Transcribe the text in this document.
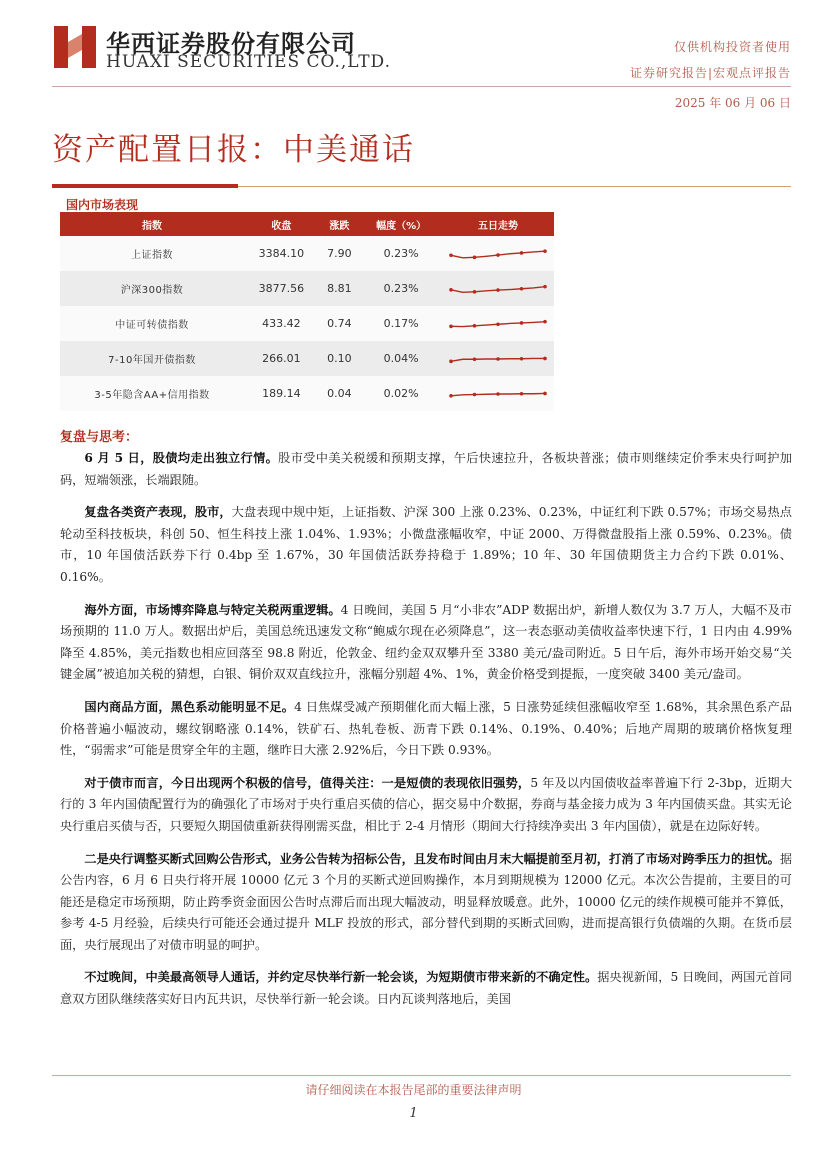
华西证券股份有限公司
HUAXI SECURITIES CO.,LTD.
仅供机构投资者使用
证券研究报告|宏观点评报告
2025 年 06 月 06 日
资产配置日报：中美通话
国内市场表现
指数	收盘	涨跌	幅度（%）	五日走势
上证指数	3384.10	7.90	0.23%	

沪深300指数	3877.56	8.81	0.23%	

中证可转债指数	433.42	0.74	0.17%	

7-10年国开债指数	266.01	0.10	0.04%	

3-5年隐含AA+信用指数	189.14	0.04	0.02%	
复盘与思考：

6 月 5 日，股债均走出独立行情。股市受中美关税缓和预期支撑，午后快速拉升，各板块普涨；债市则继续定价季末央行呵护加码，短端领涨，长端跟随。

复盘各类资产表现，股市，大盘表现中规中矩，上证指数、沪深 300 上涨 0.23%、0.23%，中证红利下跌 0.57%；市场交易热点轮动至科技板块，科创 50、恒生科技上涨 1.04%、1.93%；小微盘涨幅收窄，中证 2000、万得微盘股指上涨 0.59%、0.23%。债市，10 年国债活跃券下行 0.4bp 至 1.67%，30 年国债活跃券持稳于 1.89%；10 年、30 年国债期货主力合约下跌 0.01%、0.16%。

海外方面，市场博弈降息与特定关税两重逻辑。4 日晚间，美国 5 月“小非农”ADP 数据出炉，新增人数仅为 3.7 万人，大幅不及市场预期的 11.0 万人。数据出炉后，美国总统迅速发文称“鲍威尔现在必须降息”，这一表态驱动美债收益率快速下行，1 日内由 4.99%降至 4.85%，美元指数也相应回落至 98.8 附近，伦敦金、纽约金双双攀升至 3380 美元/盎司附近。5 日午后，海外市场开始交易“关键金属”被追加关税的猜想，白银、铜价双双直线拉升，涨幅分别超 4%、1%，黄金价格受到提振，一度突破 3400 美元/盎司。

国内商品方面，黑色系动能明显不足。4 日焦煤受减产预期催化而大幅上涨，5 日涨势延续但涨幅收窄至 1.68%，其余黑色系产品价格普遍小幅波动，螺纹钢略涨 0.14%，铁矿石、热轧卷板、沥青下跌 0.14%、0.19%、0.40%；后地产周期的玻璃价格恢复理性，“弱需求”可能是贯穿全年的主题，继昨日大涨 2.92%后，今日下跌 0.93%。

对于债市而言，今日出现两个积极的信号，值得关注：一是短债的表现依旧强势，5 年及以内国债收益率普遍下行 2-3bp，近期大行的 3 年内国债配置行为的确强化了市场对于央行重启买债的信心，据交易中介数据，券商与基金接力成为 3 年内国债买盘。其实无论央行重启买债与否，只要短久期国债重新获得刚需买盘，相比于 2-4 月情形（期间大行持续净卖出 3 年内国债），就是在边际好转。

二是央行调整买断式回购公告形式，业务公告转为招标公告，且发布时间由月末大幅提前至月初，打消了市场对跨季压力的担忧。据公告内容，6 月 6 日央行将开展 10000 亿元 3 个月的买断式逆回购操作，本月到期规模为 12000 亿元。本次公告提前，主要目的可能还是稳定市场预期，防止跨季资金面因公告时点滞后而出现大幅波动，明显释放暖意。此外，10000 亿元的续作规模可能并不算低，参考 4-5 月经验，后续央行可能还会通过提升 MLF 投放的形式，部分替代到期的买断式回购，进而提高银行负债端的久期。在货币层面，央行展现出了对债市明显的呵护。

不过晚间，中美最高领导人通话，并约定尽快举行新一轮会谈，为短期债市带来新的不确定性。据央视新闻，5 日晚间，两国元首同意双方团队继续落实好日内瓦共识，尽快举行新一轮会谈。日内瓦谈判落地后，美国

请仔细阅读在本报告尾部的重要法律声明
1
